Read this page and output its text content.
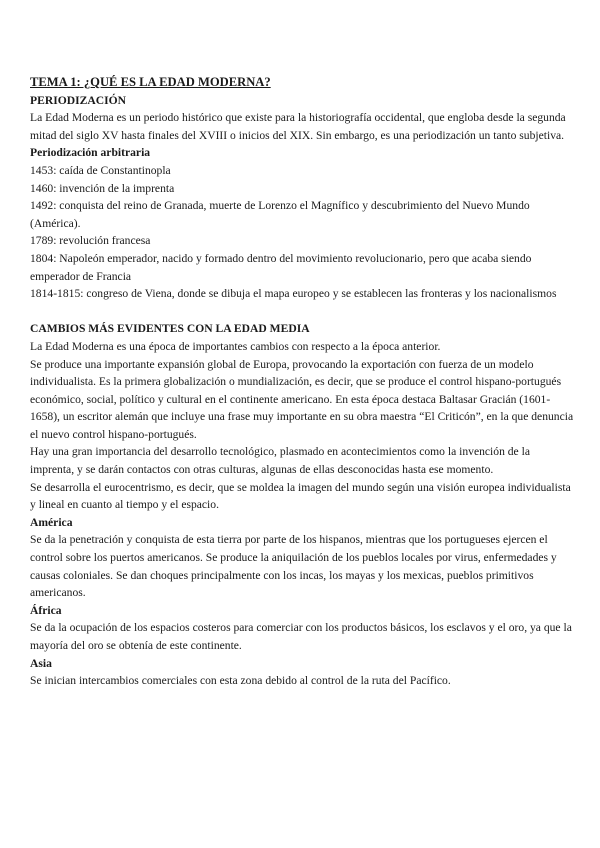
TEMA 1: ¿QUÉ ES LA EDAD MODERNA?

PERIODIZACIÓN

La Edad Moderna es un periodo histórico que existe para la historiografía occidental, que engloba desde la segunda mitad del siglo XV hasta finales del XVIII o inicios del XIX. Sin embargo, es una periodización un tanto subjetiva.

Periodización arbitraria

1453: caída de Constantinopla

1460: invención de la imprenta

1492: conquista del reino de Granada, muerte de Lorenzo el Magnífico y descubrimiento del Nuevo Mundo (América).

1789: revolución francesa

1804: Napoleón emperador, nacido y formado dentro del movimiento revolucionario, pero que acaba siendo emperador de Francia

1814-1815: congreso de Viena, donde se dibuja el mapa europeo y se establecen las fronteras y los nacionalismos

CAMBIOS MÁS EVIDENTES CON LA EDAD MEDIA

La Edad Moderna es una época de importantes cambios con respecto a la época anterior.

Se produce una importante expansión global de Europa, provocando la exportación con fuerza de un modelo individualista. Es la primera globalización o mundialización, es decir, que se produce el control hispano-portugués económico, social, político y cultural en el continente americano. En esta época destaca Baltasar Gracián (1601-1658), un escritor alemán que incluye una frase muy importante en su obra maestra “El Criticón”, en la que denuncia el nuevo control hispano-portugués.

Hay una gran importancia del desarrollo tecnológico, plasmado en acontecimientos como la invención de la imprenta, y se darán contactos con otras culturas, algunas de ellas desconocidas hasta ese momento.

Se desarrolla el eurocentrismo, es decir, que se moldea la imagen del mundo según una visión europea individualista y lineal en cuanto al tiempo y el espacio.

América

Se da la penetración y conquista de esta tierra por parte de los hispanos, mientras que los portugueses ejercen el control sobre los puertos americanos. Se produce la aniquilación de los pueblos locales por virus, enfermedades y causas coloniales. Se dan choques principalmente con los incas, los mayas y los mexicas, pueblos primitivos americanos.

África

Se da la ocupación de los espacios costeros para comerciar con los productos básicos, los esclavos y el oro, ya que la mayoría del oro se obtenía de este continente.

Asia

Se inician intercambios comerciales con esta zona debido al control de la ruta del Pacífico.
